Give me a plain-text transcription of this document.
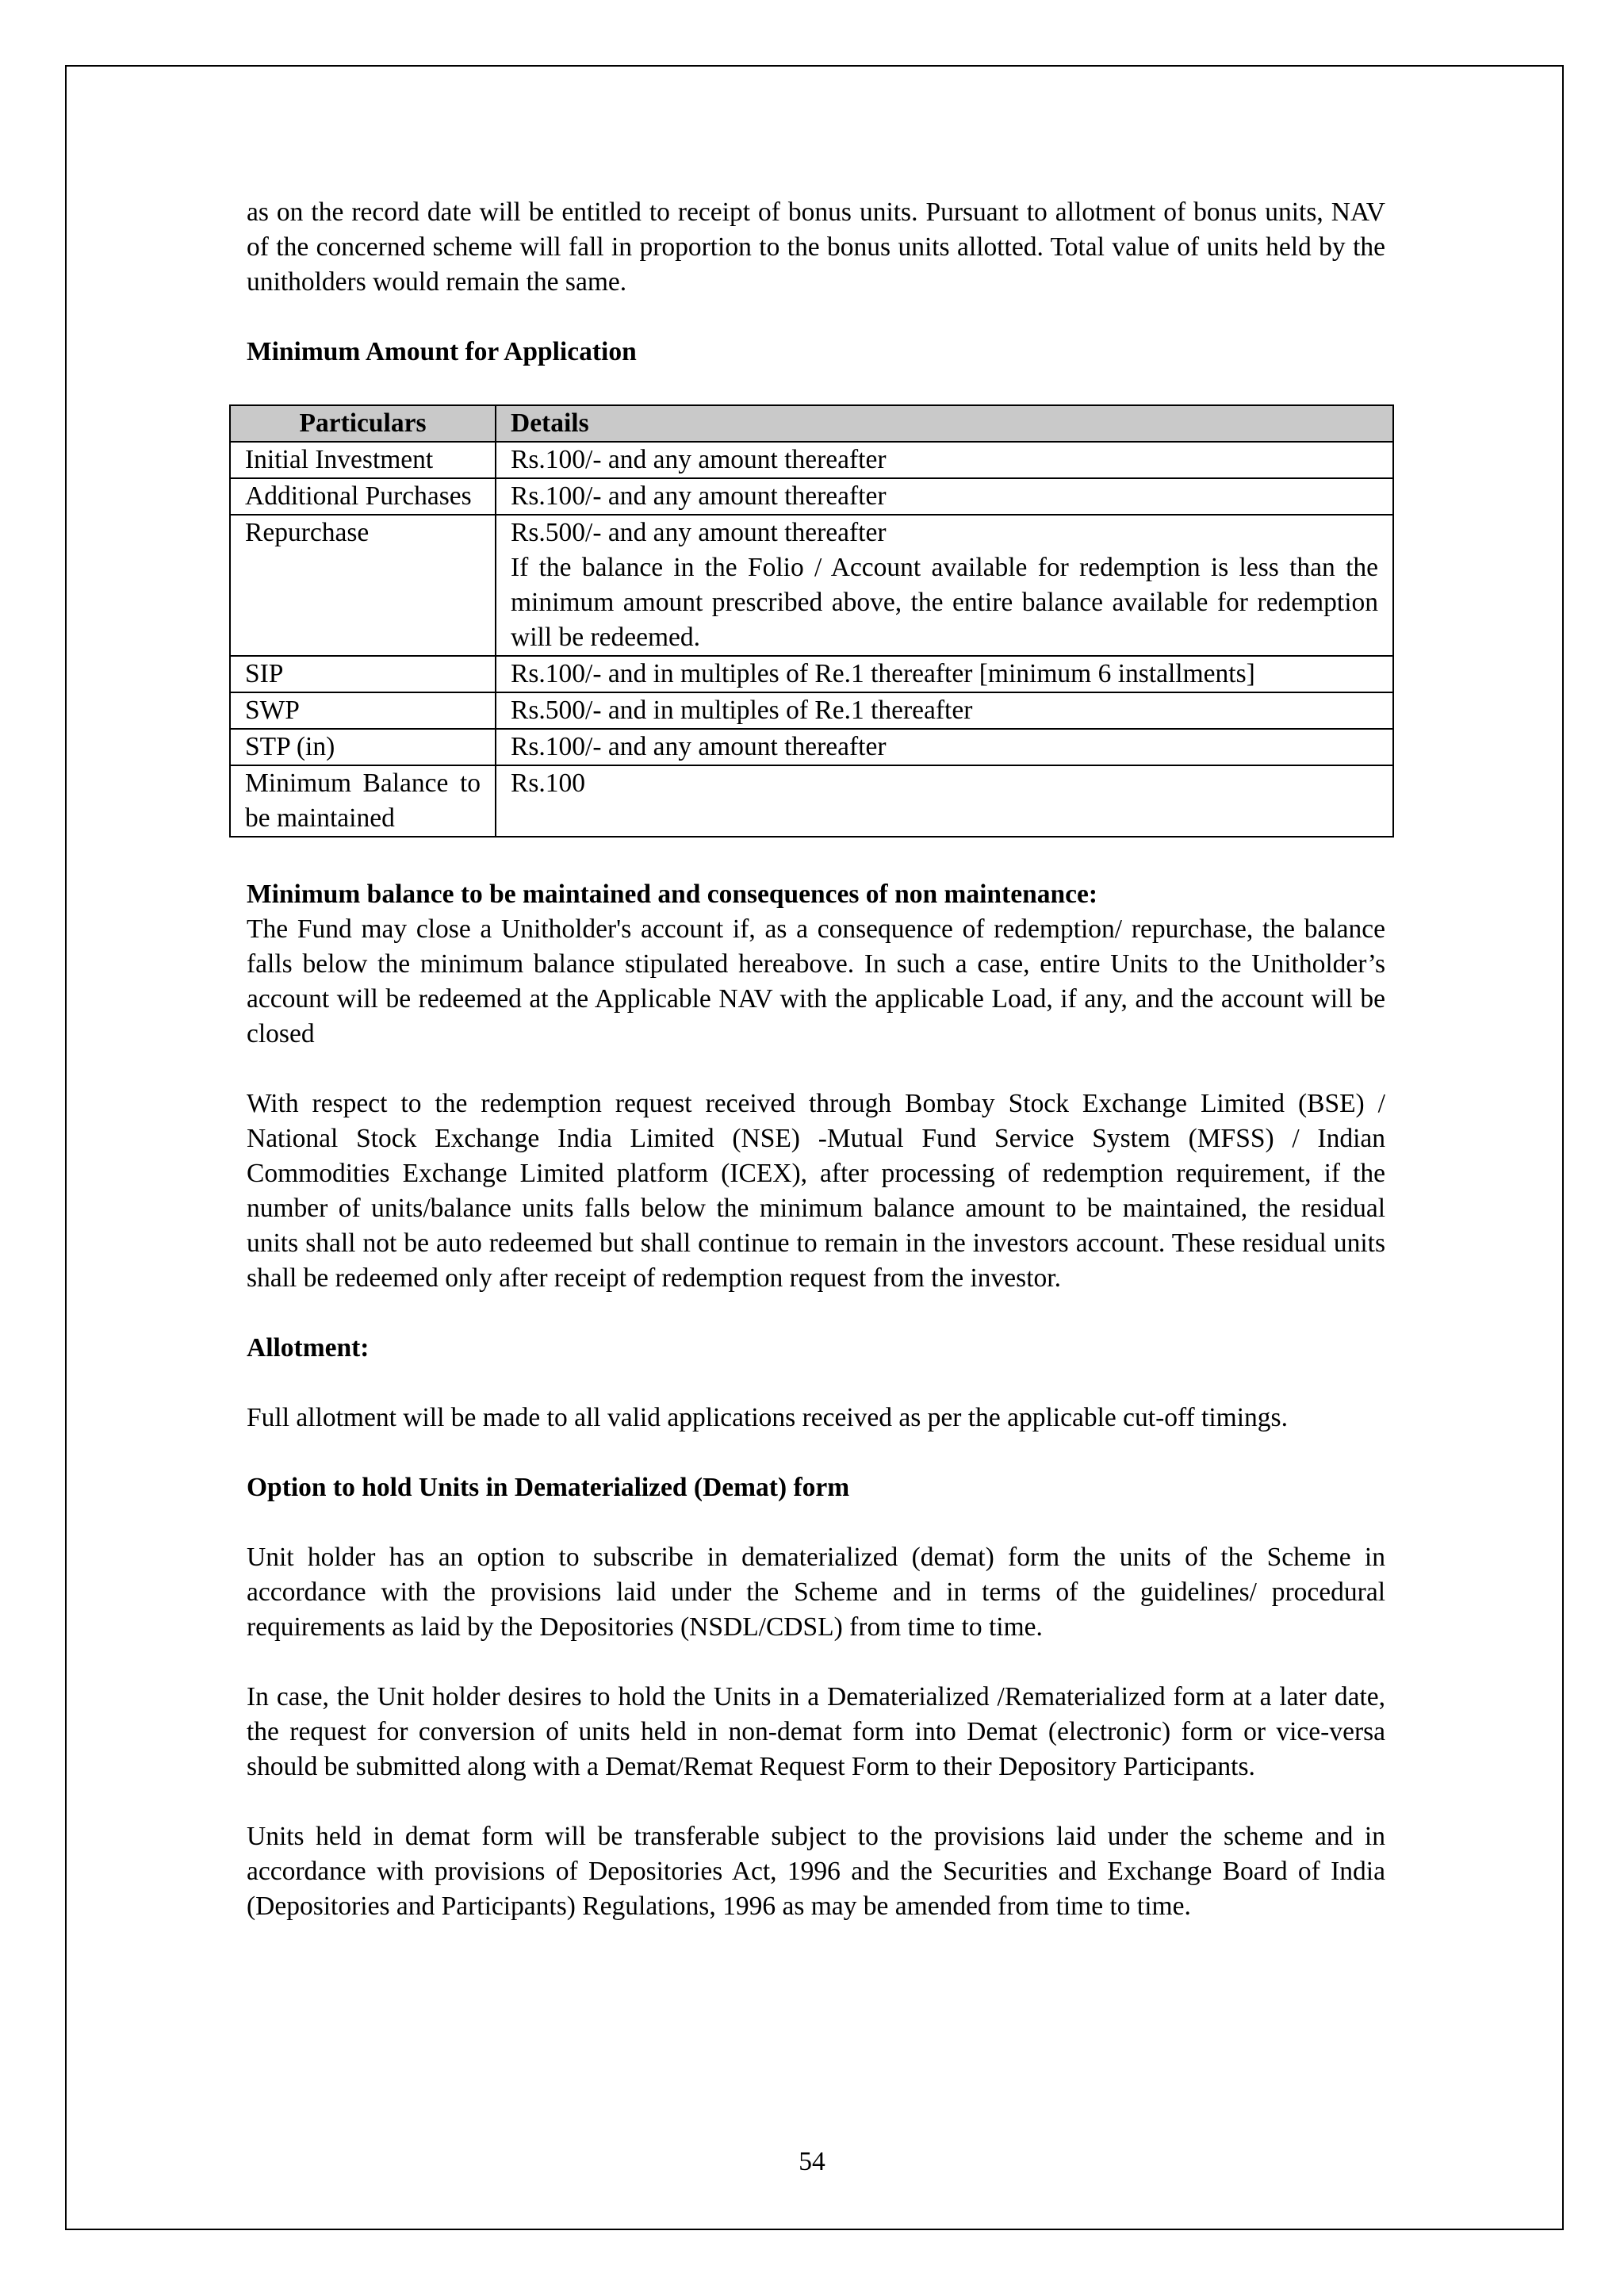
as on the record date will be entitled to receipt of bonus units. Pursuant to allotment of bonus units, NAV of the concerned scheme will fall in proportion to the bonus units allotted. Total value of units held by the unitholders would remain the same.

Minimum Amount for Application

Particulars	Details
Initial Investment	Rs.100/- and any amount thereafter

Additional Purchases	Rs.100/- and any amount thereafter

Repurchase	Rs.500/- and any amount thereafter
If the balance in the Folio / Account available for redemption is less than the minimum amount prescribed above, the entire balance available for redemption will be redeemed.

SIP	Rs.100/- and in multiples of Re.1 thereafter [minimum 6 installments]

SWP	Rs.500/- and in multiples of Re.1 thereafter

STP (in)	Rs.100/- and any amount thereafter

Minimum Balance to be maintained	Rs.100

Minimum balance to be maintained and consequences of non maintenance:

The Fund may close a Unitholder's account if, as a consequence of redemption/ repurchase, the balance falls below the minimum balance stipulated hereabove. In such a case, entire Units to the Unitholder’s account will be redeemed at the Applicable NAV with the applicable Load, if any, and the account will be closed

With respect to the redemption request received through Bombay Stock Exchange Limited (BSE) / National Stock Exchange India Limited (NSE) -Mutual Fund Service System (MFSS) / Indian Commodities Exchange Limited platform (ICEX), after processing of redemption requirement, if the number of units/balance units falls below the minimum balance amount to be maintained, the residual units shall not be auto redeemed but shall continue to remain in the investors account. These residual units shall be redeemed only after receipt of redemption request from the investor.

Allotment:

Full allotment will be made to all valid applications received as per the applicable cut-off timings.

Option to hold Units in Dematerialized (Demat) form

Unit holder has an option to subscribe in dematerialized (demat) form the units of the Scheme in accordance with the provisions laid under the Scheme and in terms of the guidelines/ procedural requirements as laid by the Depositories (NSDL/CDSL) from time to time.

In case, the Unit holder desires to hold the Units in a Dematerialized /Rematerialized form at a later date, the request for conversion of units held in non-demat form into Demat (electronic) form or vice-versa should be submitted along with a Demat/Remat Request Form to their Depository Participants.

Units held in demat form will be transferable subject to the provisions laid under the scheme and in accordance with provisions of Depositories Act, 1996 and the Securities and Exchange Board of India (Depositories and Participants) Regulations, 1996 as may be amended from time to time.

54
